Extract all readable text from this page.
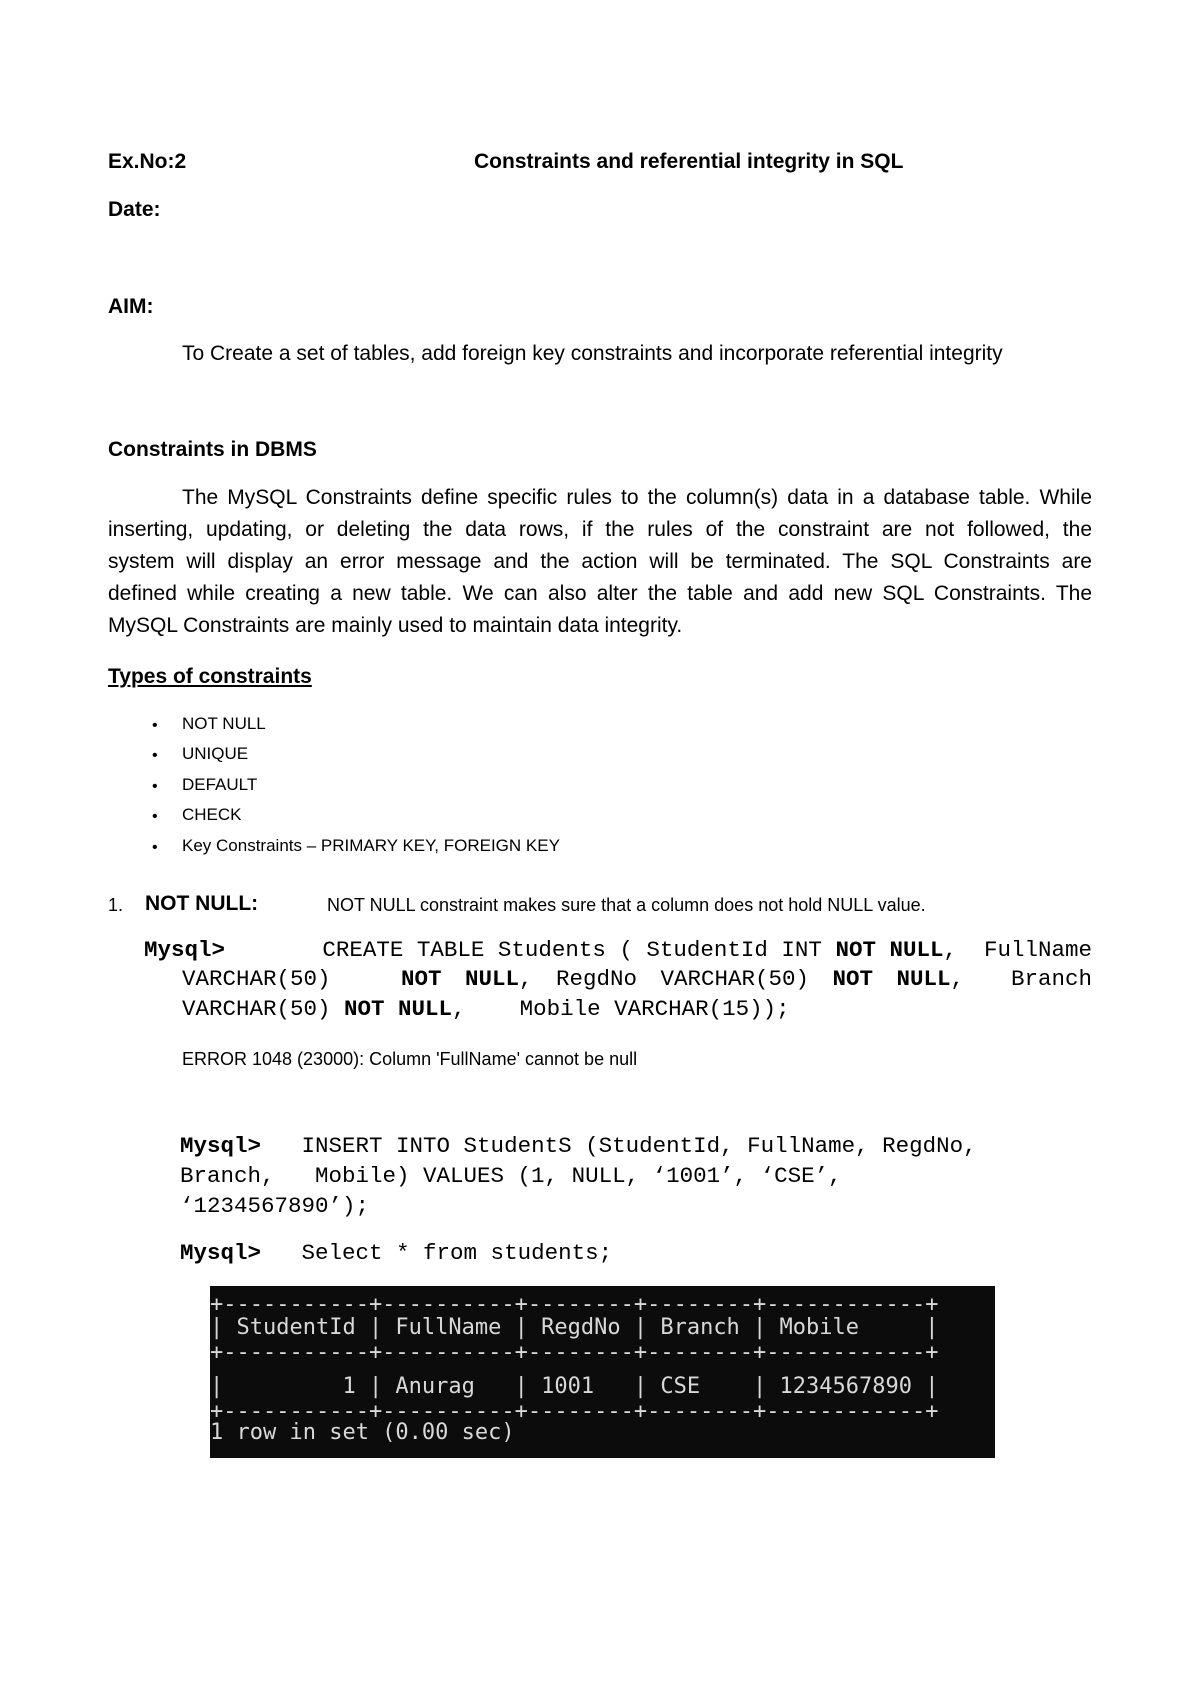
Ex.No:2	Constraints and referential integrity in SQL
Date:
AIM:
To Create a set of tables, add foreign key constraints and incorporate referential integrity
Constraints in DBMS
The MySQL Constraints define specific rules to the column(s) data in a database table. While
inserting, updating, or deleting the data rows, if the rules of the constraint are not followed, the
system will display an error message and the action will be terminated. The SQL Constraints are
defined while creating a new table. We can also alter the table and add new SQL Constraints. The
MySQL Constraints are mainly used to maintain data integrity.
Types of constraints
• NOT NULL
• UNIQUE
• DEFAULT
• CHECK
• Key Constraints – PRIMARY KEY, FOREIGN KEY
1. NOT NULL:	NOT NULL constraint makes sure that a column does not hold NULL value.
Mysql>	CREATE TABLE Students ( StudentId INT NOT NULL,  FullName
VARCHAR(50)   NOT NULL, RegdNo VARCHAR(50) NOT NULL,  Branch
VARCHAR(50) NOT NULL,    Mobile VARCHAR(15));
ERROR 1048 (23000): Column 'FullName' cannot be null
Mysql> INSERT INTO StudentS (StudentId, FullName, RegdNo,
Branch,   Mobile) VALUES (1, NULL, ‘1001’, ‘CSE’,
‘1234567890’);
Mysql> Select * from students;
+-----------+----------+--------+--------+------------+
| StudentId | FullName | RegdNo | Branch | Mobile     |
+-----------+----------+--------+--------+------------+
|         1 | Anurag   | 1001   | CSE    | 1234567890 |
+-----------+----------+--------+--------+------------+
1 row in set (0.00 sec)
